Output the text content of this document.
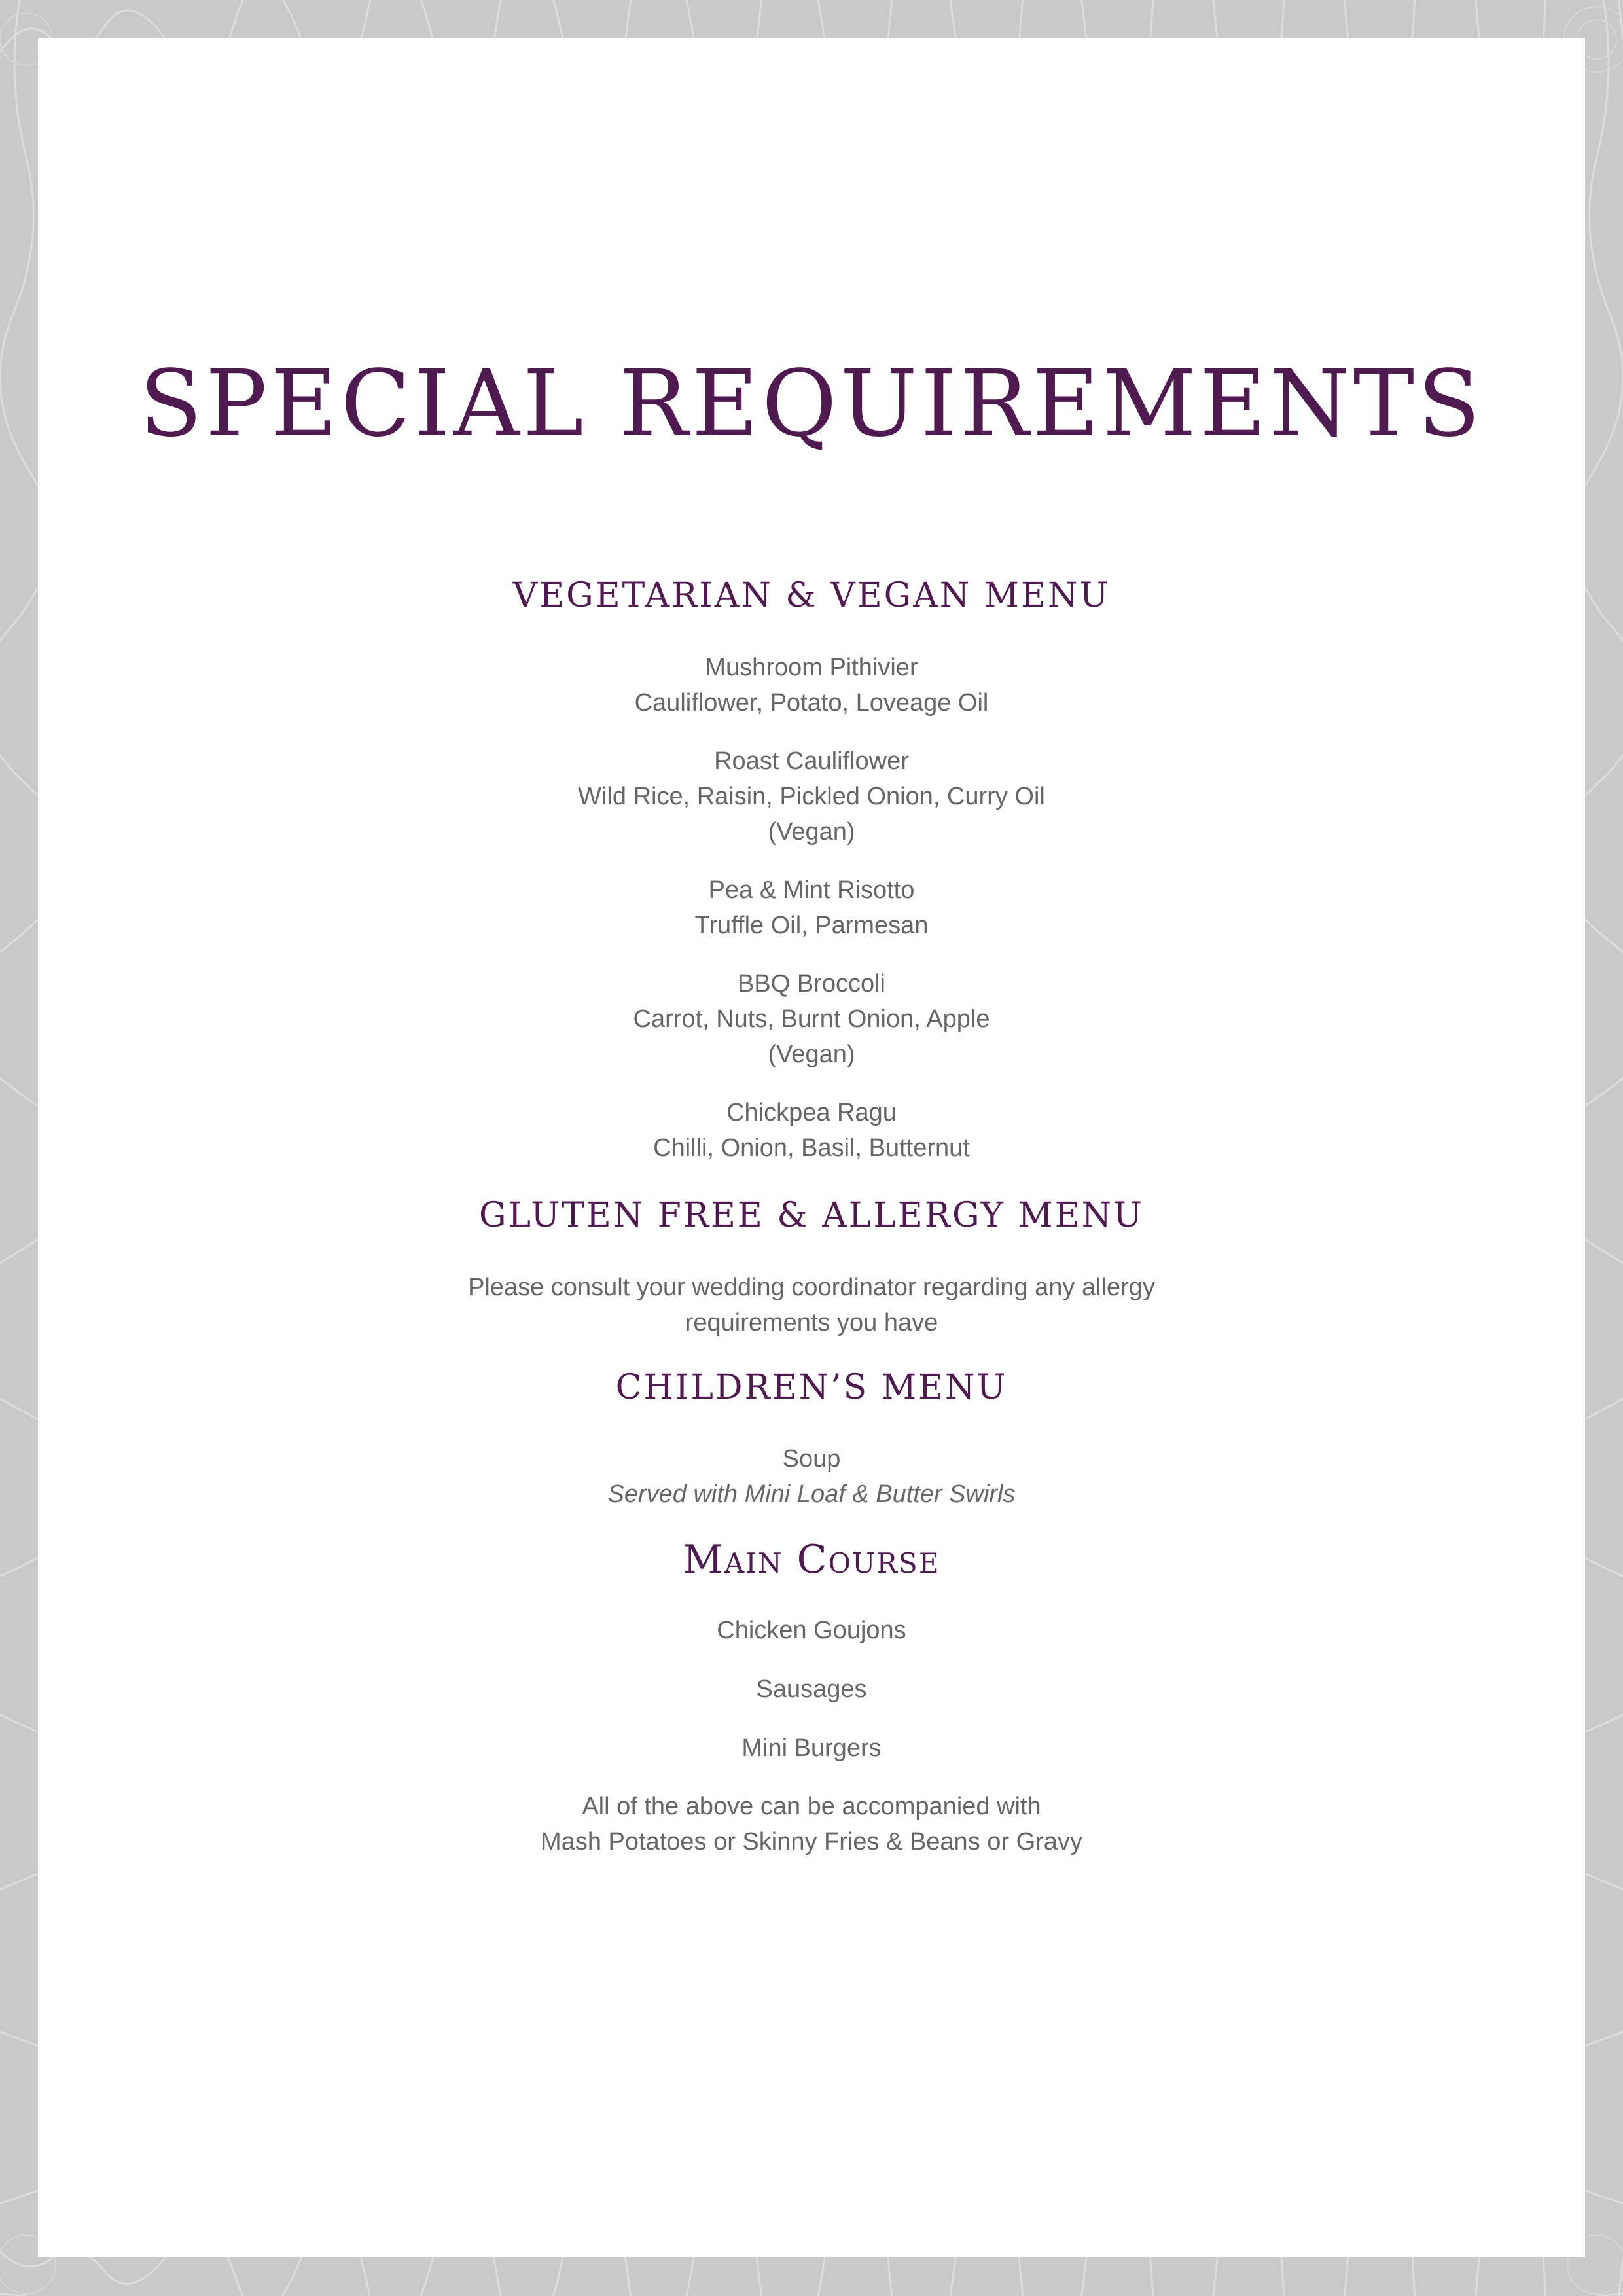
SPECIAL REQUIREMENTS
VEGETARIAN & VEGAN MENU

Mushroom Pithivier

Cauliflower, Potato, Loveage Oil

Roast Cauliflower

Wild Rice, Raisin, Pickled Onion, Curry Oil

(Vegan)

Pea & Mint Risotto

Truffle Oil, Parmesan

BBQ Broccoli

Carrot, Nuts, Burnt Onion, Apple

(Vegan)

Chickpea Ragu

Chilli, Onion, Basil, Butternut

GLUTEN FREE & ALLERGY MENU

Please consult your wedding coordinator regarding any allergy

requirements you have

CHILDREN’S MENU

Soup

Served with Mini Loaf & Butter Swirls

Main Course

Chicken Goujons

Sausages

Mini Burgers

All of the above can be accompanied with

Mash Potatoes or Skinny Fries & Beans or Gravy
